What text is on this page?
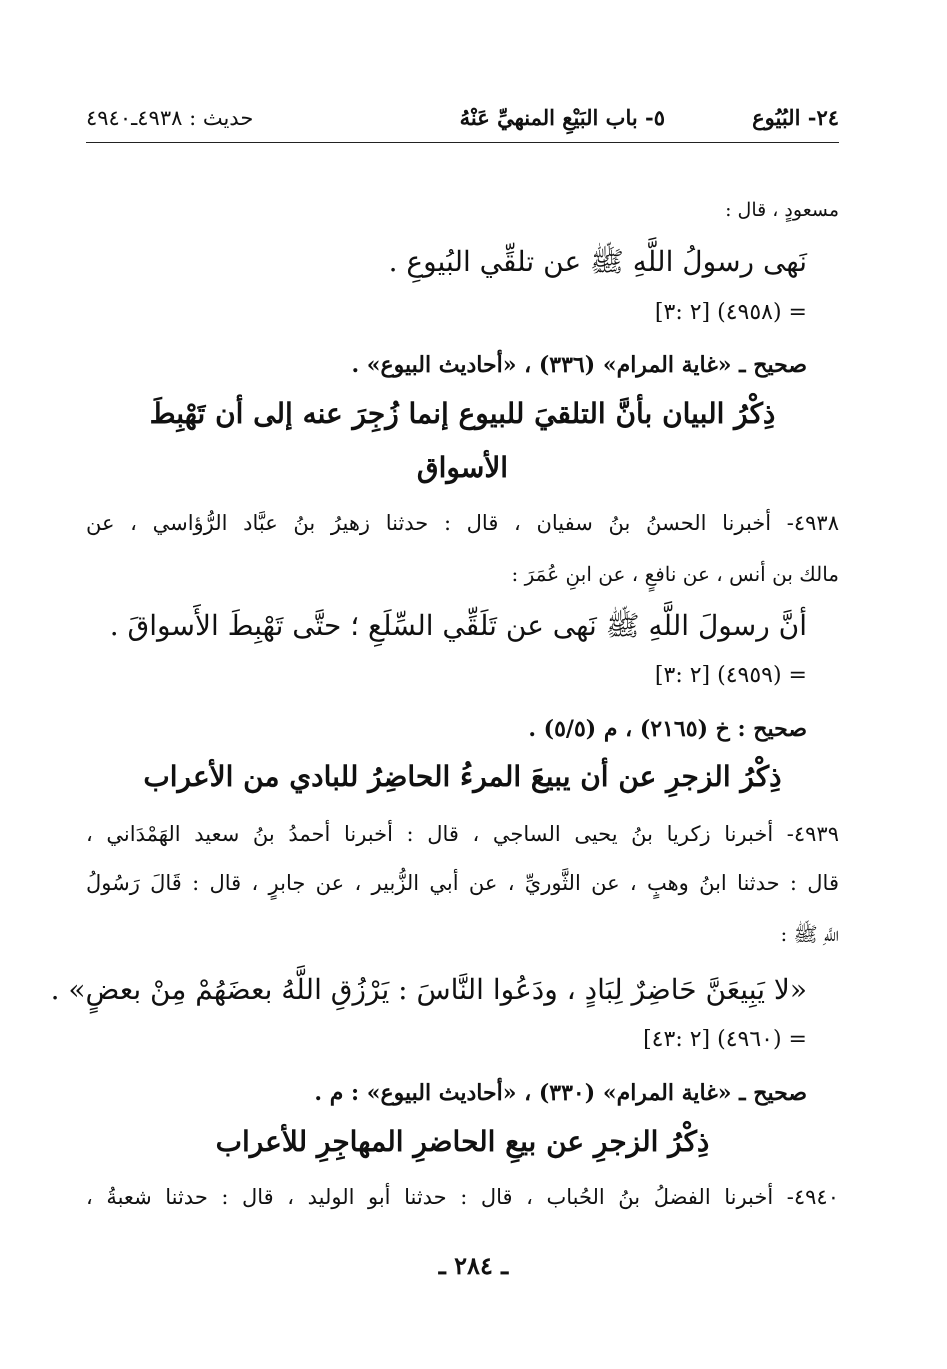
٢٤- البُيُوع
٥- باب البَيْعِ المنهيِّ عَنْهُ
حديث : ٤٩٣٨ـ٤٩٤٠
مسعودٍ ، قال :
نَهى رسولُ اللَّهِ ﷺ عن تلقِّي البُيوعِ .
= (٤٩٥٨) [٢ :٣]
صحيح ـ «غاية المرام» (٣٣٦) ، «أحاديث البيوع» .
ذِكْرُ البيان بأنَّ التلقيَ للبيوع إنما زُجِرَ عنه إلى أن تَهْبِطَ
الأسواق
٤٩٣٨- أخبرنا الحسنُ بنُ سفيان ، قال : حدثنا زهيرُ بنُ عبَّاد الرُّؤاسي ، عن
مالك بن أنس ، عن نافعٍ ، عن ابنِ عُمَرَ :
أنَّ رسولَ اللَّهِ ﷺ نَهى عن تَلَقِّي السِّلَعِ ؛ حتَّى تَهْبِطَ الأَسواقَ .
= (٤٩٥٩) [٢ :٣]
صحيح : خ (٢١٦٥) ، م (٥/٥) .
ذِكْرُ الزجرِ عن أن يبيعَ المرءُ الحاضِرُ للبادي من الأعراب
٤٩٣٩- أخبرنا زكريا بنُ يحيى الساجي ، قال : أخبرنا أحمدُ بنُ سعيد الهَمْدَاني ،
قال : حدثنا ابنُ وهبٍ ، عن الثَّوريِّ ، عن أبي الزُّبير ، عن جابرٍ ، قال : قَالَ رَسُولُ
اللَّهِ ﷺ :
«لا يَبِيعَنَّ حَاضِرٌ لِبَادٍ ، ودَعُوا النَّاسَ : يَرْزُقِ اللَّهُ بعضَهُمْ مِنْ بعضٍ» .
= (٤٩٦٠) [٢ :٤٣]
صحيح ـ «غاية المرام» (٣٣٠) ، «أحاديث البيوع» : م .
ذِكْرُ الزجرِ عن بيعِ الحاضرِ المهاجِرِ للأعراب
٤٩٤٠- أخبرنا الفضلُ بنُ الحُباب ، قال : حدثنا أبو الوليد ، قال : حدثنا شعبةُ ،
ـ ٢٨٤ ـ
